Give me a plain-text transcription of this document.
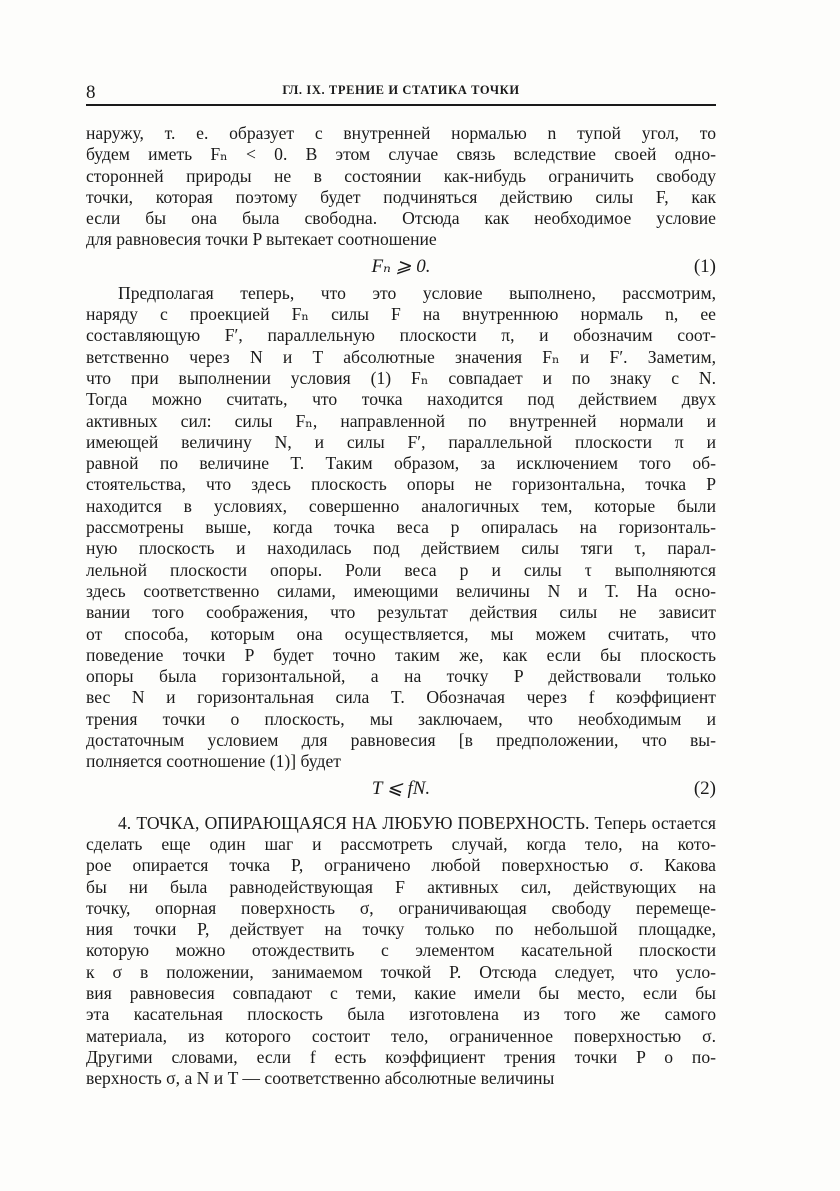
8	ГЛ. IX. ТРЕНИЕ И СТАТИКА ТОЧКИ
наружу, т. е. образует с внутренней нормалью n тупой угол, то
будем иметь Fₙ < 0. В этом случае связь вследствие своей одно-
сторонней природы не в состоянии как-нибудь ограничить свободу
точки, которая поэтому будет подчиняться действию силы F, как
если бы она была свободна. Отсюда как необходимое условие
для равновесия точки P вытекает соотношение
Fₙ ⩾ 0.	(1)
Предполагая теперь, что это условие выполнено, рассмотрим,
наряду с проекцией Fₙ силы F на внутреннюю нормаль n, ее
составляющую F′, параллельную плоскости π, и обозначим соот-
ветственно через N и T абсолютные значения Fₙ и F′. Заметим,
что при выполнении условия (1) Fₙ совпадает и по знаку с N.
Тогда можно считать, что точка находится под действием двух
активных сил: силы Fₙ, направленной по внутренней нормали и
имеющей величину N, и силы F′, параллельной плоскости π и
равной по величине T. Таким образом, за исключением того об-
стоятельства, что здесь плоскость опоры не горизонтальна, точка P
находится в условиях, совершенно аналогичных тем, которые были
рассмотрены выше, когда точка веса p опиралась на горизонталь-
ную плоскость и находилась под действием силы тяги τ, парал-
лельной плоскости опоры. Роли веса p и силы τ выполняются
здесь соответственно силами, имеющими величины N и T. На осно-
вании того соображения, что результат действия силы не зависит
от способа, которым она осуществляется, мы можем считать, что
поведение точки P будет точно таким же, как если бы плоскость
опоры была горизонтальной, а на точку P действовали только
вес N и горизонтальная сила T. Обозначая через f коэффициент
трения точки о плоскость, мы заключаем, что необходимым и
достаточным условием для равновесия [в предположении, что вы-
полняется соотношение (1)] будет
T ⩽ fN.	(2)
4. ТОЧКА, ОПИРАЮЩАЯСЯ НА ЛЮБУЮ ПОВЕРХНОСТЬ. Теперь остается
сделать еще один шаг и рассмотреть случай, когда тело, на кото-
рое опирается точка P, ограничено любой поверхностью σ. Какова
бы ни была равнодействующая F активных сил, действующих на
точку, опорная поверхность σ, ограничивающая свободу перемеще-
ния точки P, действует на точку только по небольшой площадке,
которую можно отождествить с элементом касательной плоскости
к σ в положении, занимаемом точкой P. Отсюда следует, что усло-
вия равновесия совпадают с теми, какие имели бы место, если бы
эта касательная плоскость была изготовлена из того же самого
материала, из которого состоит тело, ограниченное поверхностью σ.
Другими словами, если f есть коэффициент трения точки P о по-
верхность σ, а N и T — соответственно абсолютные величины
